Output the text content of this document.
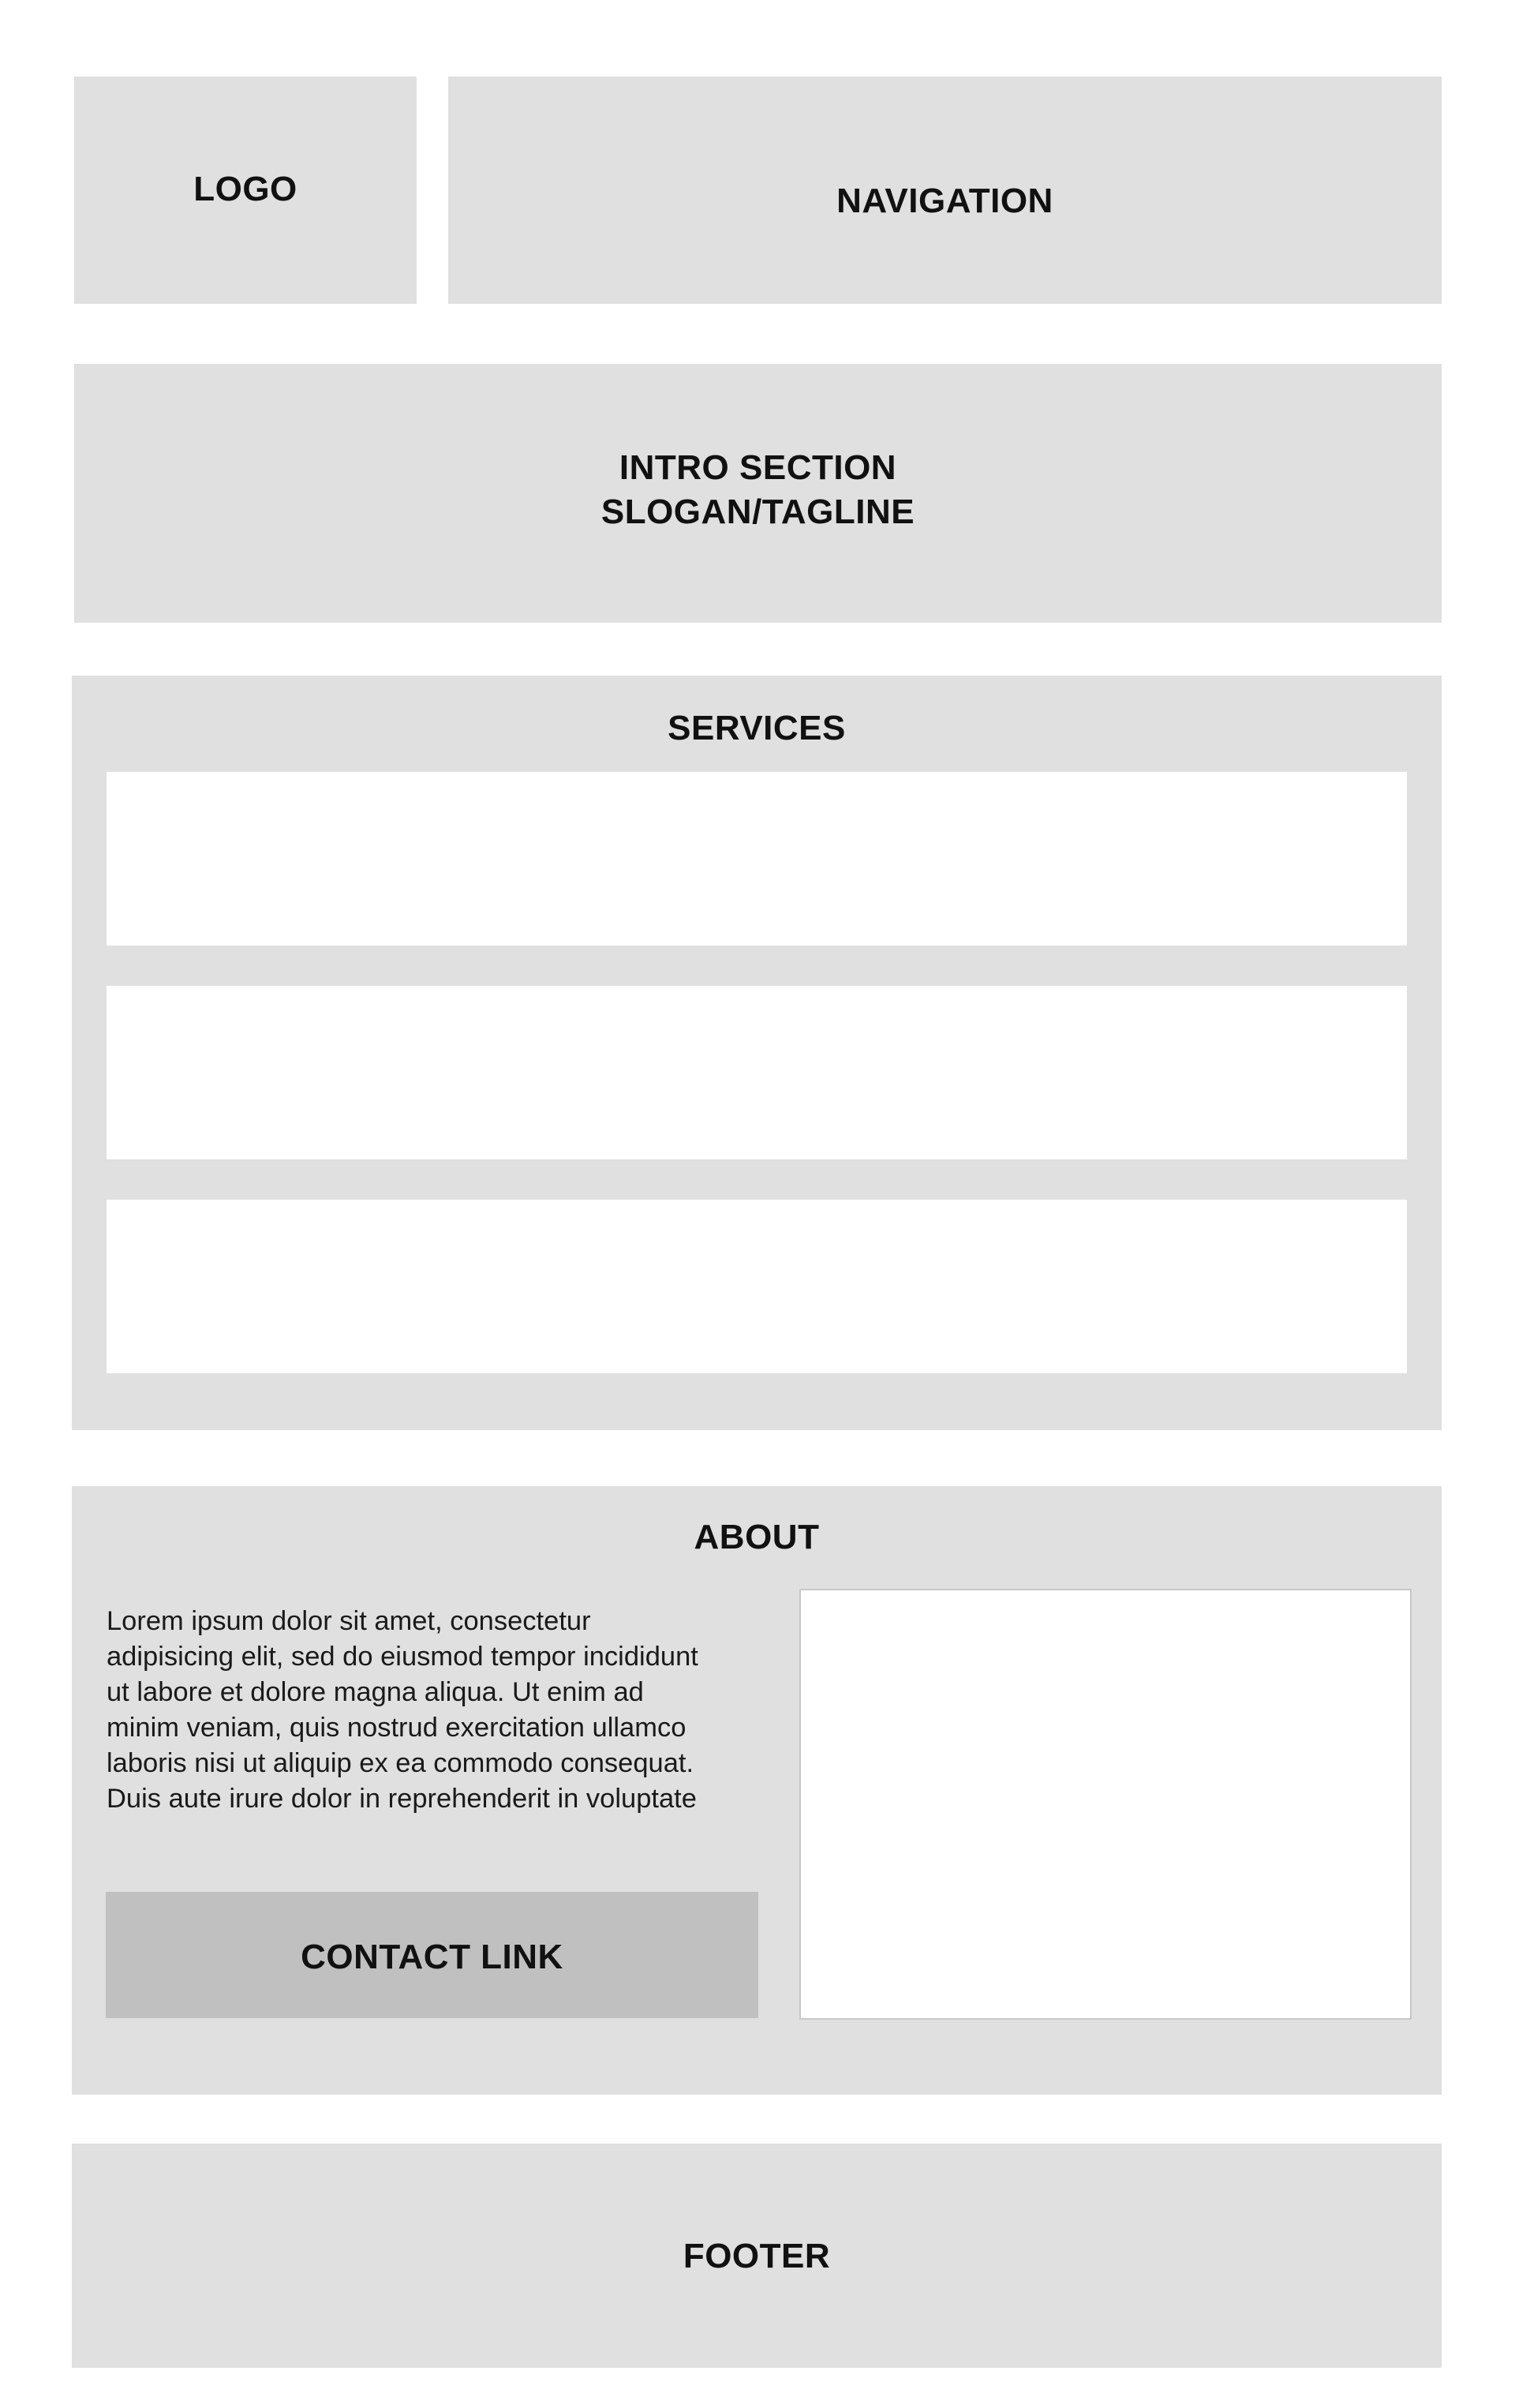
LOGO	NAVIGATION
INTRO SECTION
SLOGAN/TAGLINE
SERVICES
ABOUT
Lorem ipsum dolor sit amet, consectetur
adipisicing elit, sed do eiusmod tempor incididunt
ut labore et dolore magna aliqua. Ut enim ad
minim veniam, quis nostrud exercitation ullamco
laboris nisi ut aliquip ex ea commodo consequat.
Duis aute irure dolor in reprehenderit in voluptate
CONTACT LINK
FOOTER
